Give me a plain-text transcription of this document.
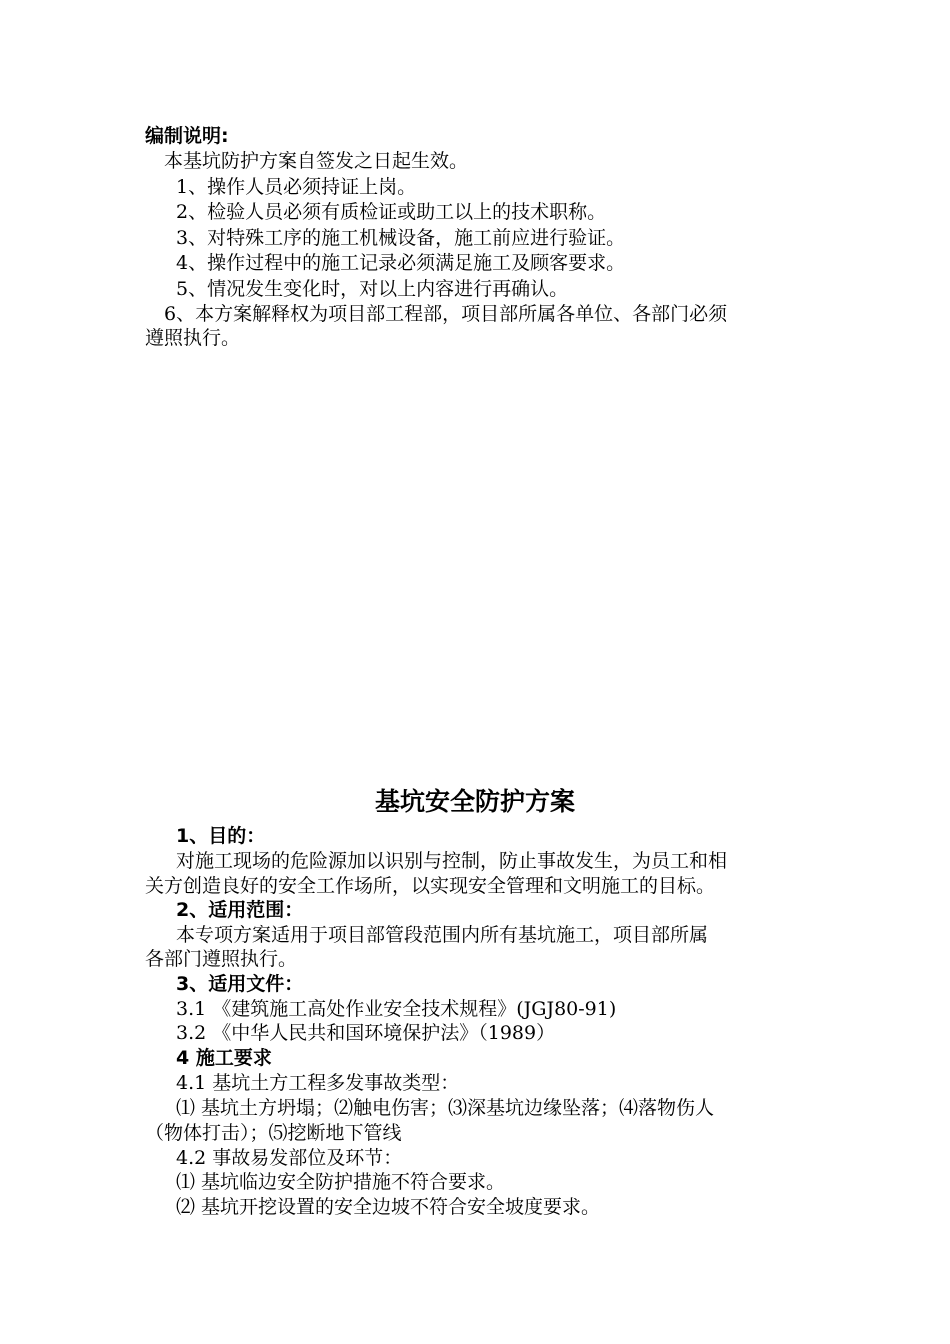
编制说明:
本基坑防护方案自签发之日起生效。
1、操作人员必须持证上岗。
2、检验人员必须有质检证或助工以上的技术职称。
3、对特殊工序的施工机械设备，施工前应进行验证。
4、操作过程中的施工记录必须满足施工及顾客要求。
5、情况发生变化时，对以上内容进行再确认。
6、本方案解释权为项目部工程部，项目部所属各单位、各部门必须
遵照执行。
基坑安全防护方案
1、目的：
对施工现场的危险源加以识别与控制，防止事故发生，为员工和相
关方创造良好的安全工作场所，以实现安全管理和文明施工的目标。
2、适用范围：
本专项方案适用于项目部管段范围内所有基坑施工，项目部所属
各部门遵照执行。
3、适用文件：
3.1 《建筑施工高处作业安全技术规程》(JGJ80-91)
3.2 《中华人民共和国环境保护法》（1989）
4 施工要求
4.1 基坑土方工程多发事故类型：
⑴ 基坑土方坍塌；⑵触电伤害；⑶深基坑边缘坠落；⑷落物伤人
（物体打击）；⑸挖断地下管线
4.2 事故易发部位及环节：
⑴ 基坑临边安全防护措施不符合要求。
⑵ 基坑开挖设置的安全边坡不符合安全坡度要求。
